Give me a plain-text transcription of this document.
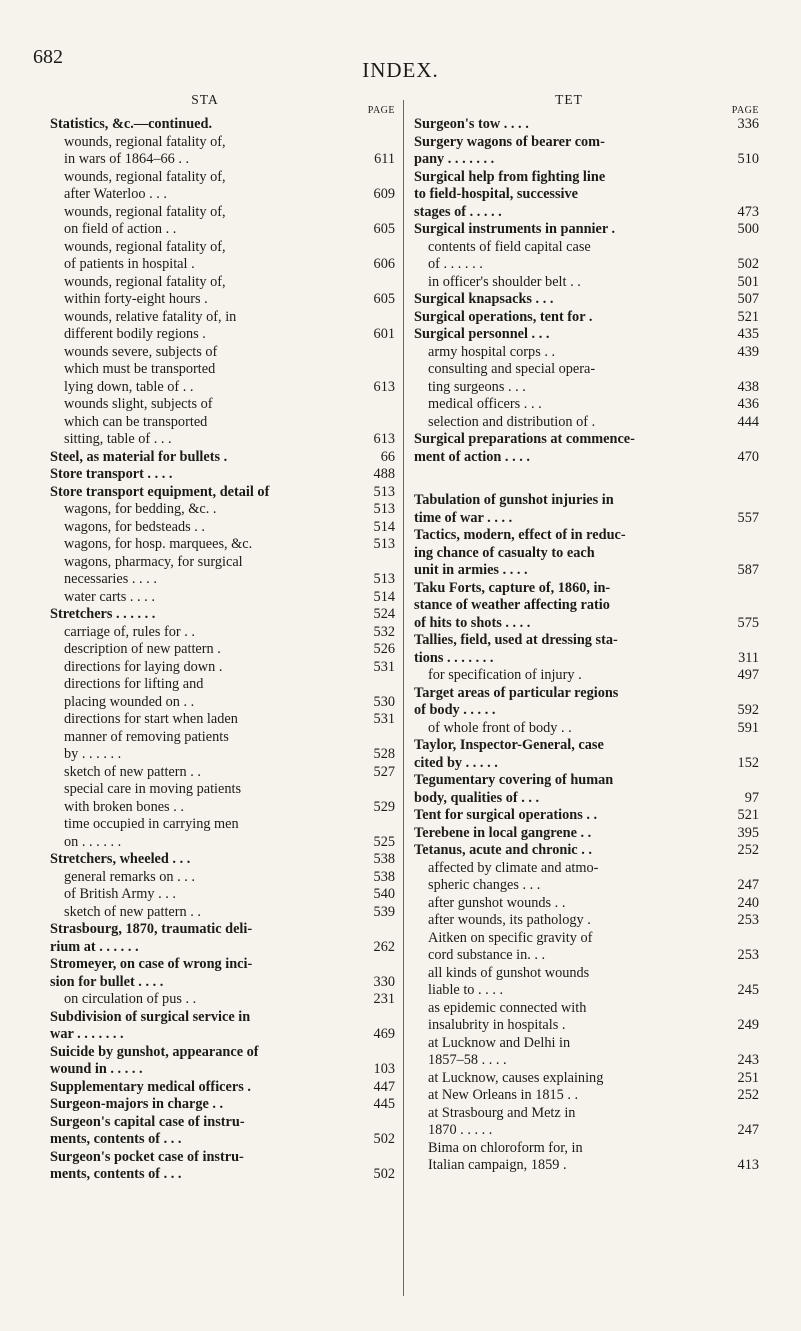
682
INDEX.
STA
PAGE
Statistics, &c.—continued.
wounds, regional fatality of,
in wars of 1864–66 . .	611
wounds, regional fatality of,
after Waterloo . . .	609
wounds, regional fatality of,
on field of action . .	605
wounds, regional fatality of,
of patients in hospital .	606
wounds, regional fatality of,
within forty-eight hours .	605
wounds, relative fatality of, in
different bodily regions .	601
wounds severe, subjects of
which must be transported
lying down, table of . .	613
wounds slight, subjects of
which can be transported
sitting, table of . . .	613
Steel, as material for bullets .	66
Store transport . . . .	488
Store transport equipment, detail of	513
wagons, for bedding, &c. .	513
wagons, for bedsteads . .	514
wagons, for hosp. marquees, &c.	513
wagons, pharmacy, for surgical
necessaries . . . .	513
water carts . . . .	514
Stretchers . . . . . .	524
carriage of, rules for . .	532
description of new pattern .	526
directions for laying down .	531
directions for lifting and
placing wounded on . .	530
directions for start when laden	531
manner of removing patients
by . . . . . .	528
sketch of new pattern . .	527
special care in moving patients
with broken bones . .	529
time occupied in carrying men
on . . . . . .	525
Stretchers, wheeled . . .	538
general remarks on . . .	538
of British Army . . .	540
sketch of new pattern . .	539
Strasbourg, 1870, traumatic deli-
rium at . . . . . .	262
Stromeyer, on case of wrong inci-
sion for bullet . . . .	330
on circulation of pus . .	231
Subdivision of surgical service in
war . . . . . . .	469
Suicide by gunshot, appearance of
wound in . . . . .	103
Supplementary medical officers .	447
Surgeon-majors in charge . .	445
Surgeon's capital case of instru-
ments, contents of . . .	502
Surgeon's pocket case of instru-
ments, contents of . . .	502
TET
PAGE
Surgeon's tow . . . .	336
Surgery wagons of bearer com-
pany . . . . . . .	510
Surgical help from fighting line
to field-hospital, successive
stages of . . . . .	473
Surgical instruments in pannier .	500
contents of field capital case
of . . . . . .	502
in officer's shoulder belt . .	501
Surgical knapsacks . . .	507
Surgical operations, tent for .	521
Surgical personnel . . .	435
army hospital corps . .	439
consulting and special opera-
ting surgeons . . .	438
medical officers . . .	436
selection and distribution of .	444
Surgical preparations at commence-
ment of action . . . .	470
Tabulation of gunshot injuries in
time of war . . . .	557
Tactics, modern, effect of in reduc-
ing chance of casualty to each
unit in armies . . . .	587
Taku Forts, capture of, 1860, in-
stance of weather affecting ratio
of hits to shots . . . .	575
Tallies, field, used at dressing sta-
tions . . . . . . .	311
for specification of injury .	497
Target areas of particular regions
of body . . . . .	592
of whole front of body . .	591
Taylor, Inspector-General, case
cited by . . . . .	152
Tegumentary covering of human
body, qualities of . . .	97
Tent for surgical operations . .	521
Terebene in local gangrene . .	395
Tetanus, acute and chronic . .	252
affected by climate and atmo-
spheric changes . . .	247
after gunshot wounds . .	240
after wounds, its pathology .	253
Aitken on specific gravity of
cord substance in. . .	253
all kinds of gunshot wounds
liable to . . . .	245
as epidemic connected with
insalubrity in hospitals .	249
at Lucknow and Delhi in
1857–58 . . . .	243
at Lucknow, causes explaining	251
at New Orleans in 1815 . .	252
at Strasbourg and Metz in
1870 . . . . .	247
Bima on chloroform for, in
Italian campaign, 1859 .	413
